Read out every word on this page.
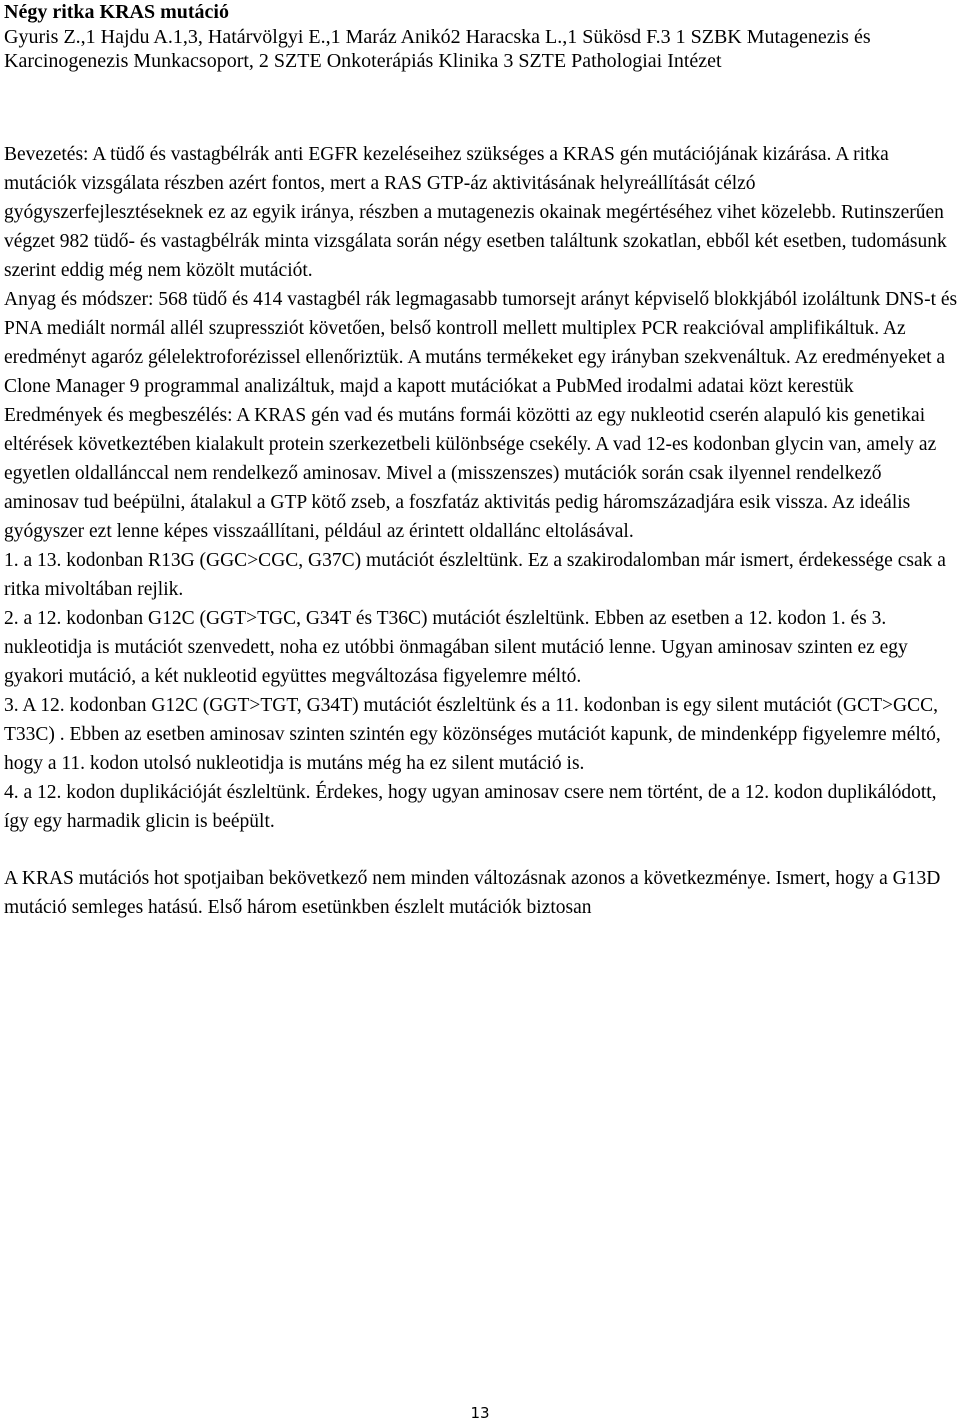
Négy ritka KRAS mutáció
Gyuris Z.,1 Hajdu A.1,3, Határvölgyi E.,1 Maráz Anikó2 Haracska L.,1 Sükösd F.3 1 SZBK Mutagenezis és Karcinogenezis Munkacsoport, 2 SZTE Onkoterápiás Klinika 3 SZTE Pathologiai Intézet

Bevezetés: A tüdő és vastagbélrák anti EGFR kezeléseihez szükséges a KRAS gén mutációjának kizárása. A ritka mutációk vizsgálata részben azért fontos, mert a RAS GTP-áz aktivitásának helyreállítását célzó gyógyszerfejlesztéseknek ez az egyik iránya, részben a mutagenezis okainak megértéséhez vihet közelebb. Rutinszerűen végzet 982 tüdő- és vastagbélrák minta vizsgálata során négy esetben találtunk szokatlan, ebből két esetben, tudomásunk szerint eddig még nem közölt mutációt.

Anyag és módszer: 568 tüdő és 414 vastagbél rák legmagasabb tumorsejt arányt képviselő blokkjából izoláltunk DNS-t és PNA mediált normál allél szupressziót követően, belső kontroll mellett multiplex PCR reakcióval amplifikáltuk. Az eredményt agaróz gélelektroforézissel ellenőriztük. A mutáns termékeket egy irányban szekvenáltuk. Az eredményeket a Clone Manager 9 programmal analizáltuk, majd a kapott mutációkat a PubMed irodalmi adatai közt kerestük

Eredmények és megbeszélés: A KRAS gén vad és mutáns formái közötti az egy nukleotid cserén alapuló kis genetikai eltérések következtében kialakult protein szerkezetbeli különbsége csekély. A vad 12-es kodonban glycin van, amely az egyetlen oldallánccal nem rendelkező aminosav. Mivel a (misszenszes) mutációk során csak ilyennel rendelkező aminosav tud beépülni, átalakul a GTP kötő zseb, a foszfatáz aktivitás pedig háromszázadjára esik vissza. Az ideális gyógyszer ezt lenne képes visszaállítani, például az érintett oldallánc eltolásával.

1. a 13. kodonban R13G (GGC>CGC, G37C) mutációt észleltünk. Ez a szakirodalomban már ismert, érdekessége csak a ritka mivoltában rejlik.

2. a 12. kodonban G12C (GGT>TGC, G34T és T36C) mutációt észleltünk. Ebben az esetben a 12. kodon 1. és 3. nukleotidja is mutációt szenvedett, noha ez utóbbi önmagában silent mutáció lenne. Ugyan aminosav szinten ez egy gyakori mutáció, a két nukleotid együttes megváltozása figyelemre méltó.

3. A 12. kodonban G12C (GGT>TGT, G34T) mutációt észleltünk és a 11. kodonban is egy silent mutációt (GCT>GCC, T33C) . Ebben az esetben aminosav szinten szintén egy közönséges mutációt kapunk, de mindenképp figyelemre méltó, hogy a 11. kodon utolsó nukleotidja is mutáns még ha ez silent mutáció is.

4. a 12. kodon duplikációját észleltünk. Érdekes, hogy ugyan aminosav csere nem történt, de a 12. kodon duplikálódott, így egy harmadik glicin is beépült.

A KRAS mutációs hot spotjaiban bekövetkező nem minden változásnak azonos a következménye. Ismert, hogy a G13D mutáció semleges hatású. Első három esetünkben észlelt mutációk biztosan

13
